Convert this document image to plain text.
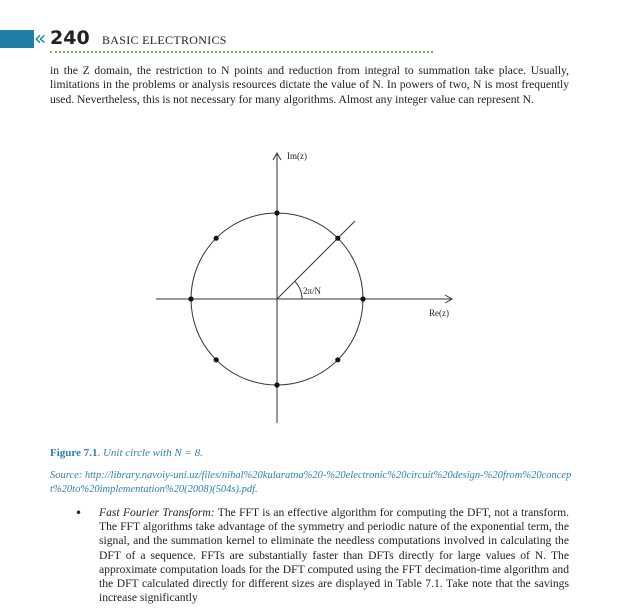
« 240 BASIC ELECTRONICS

in the Z domain, the restriction to N points and reduction from integral to summation take place. Usually, limitations in the problems or analysis resources dictate the value of N. In powers of two, N is most frequently used. Nevertheless, this is not necessary for many algorithms. Almost any integer value can represent N.

Im(z)
Re(z)
2π/N

Figure 7.1. Unit circle with N = 8.

Source: http://library.navoiy-uni.uz/files/nihal%20kularatna%20-%20electronic%20circuit%20design-%20from%20concept%20to%20implementation%20(2008)(504s).pdf.

• Fast Fourier Transform: The FFT is an effective algorithm for computing the DFT, not a transform. The FFT algorithms take advantage of the symmetry and periodic nature of the exponential term, the signal, and the summation kernel to eliminate the needless computations involved in calculating the DFT of a sequence. FFTs are substantially faster than DFTs directly for large values of N. The approximate computation loads for the DFT computed using the FFT decimation-time algorithm and the DFT calculated directly for different sizes are displayed in Table 7.1. Take note that the savings increase significantly
